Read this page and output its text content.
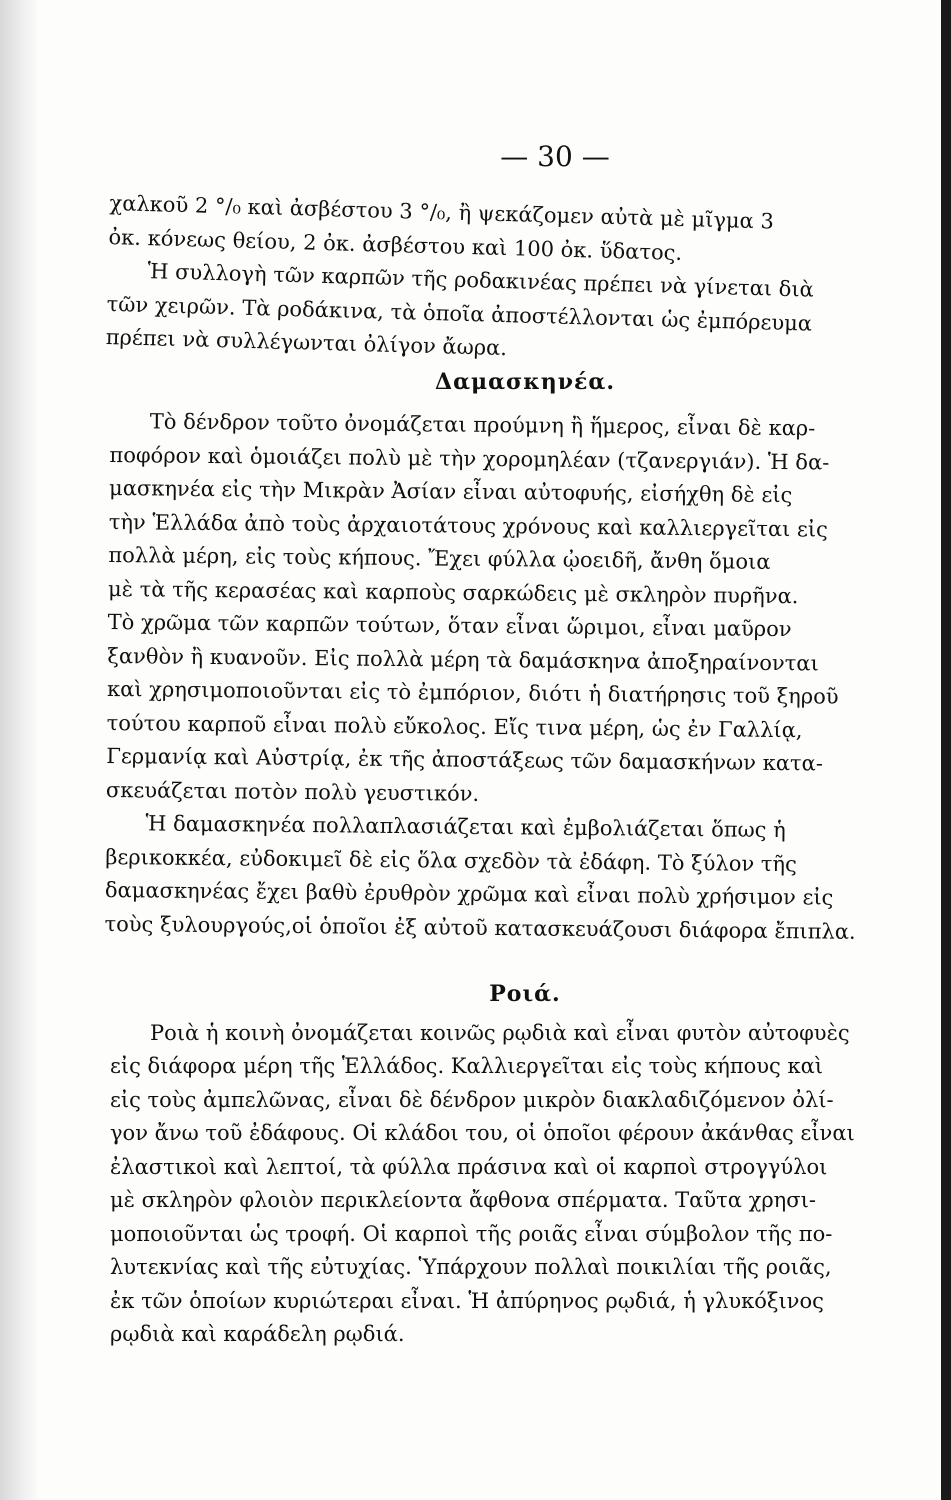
— 30 —
χαλκοῦ 2 °/₀ καὶ ἀσβέστου 3 °/₀, ἢ ψεκάζομεν αὐτὰ μὲ μῖγμα 3
ὀκ. κόνεως θείου, 2 ὀκ. ἀσβέστου καὶ 100 ὀκ. ὕδατος.
Ἡ συλλογὴ τῶν καρπῶν τῆς ροδακινέας πρέπει νὰ γίνεται διὰ
τῶν χειρῶν. Τὰ ροδάκινα, τὰ ὁποῖα ἀποστέλλονται ὡς ἐμπόρευμα
πρέπει νὰ συλλέγωνται ὀλίγον ἄωρα.
Δαμασκηνέα.
Τὸ δένδρον τοῦτο ὀνομάζεται προύμνη ἢ ἥμερος, εἶναι δὲ καρ-
ποφόρον καὶ ὁμοιάζει πολὺ μὲ τὴν χορομηλέαν (τζανεργιάν). Ἡ δα-
μασκηνέα εἰς τὴν Μικρὰν Ἀσίαν εἶναι αὐτοφυής, εἰσήχθη δὲ εἰς
τὴν Ἑλλάδα ἀπὸ τοὺς ἀρχαιοτάτους χρόνους καὶ καλλιεργεῖται εἰς
πολλὰ μέρη, εἰς τοὺς κήπους. Ἔχει φύλλα ᾠοειδῆ, ἄνθη ὅμοια
μὲ τὰ τῆς κερασέας καὶ καρποὺς σαρκώδεις μὲ σκληρὸν πυρῆνα.
Τὸ χρῶμα τῶν καρπῶν τούτων, ὅταν εἶναι ὥριμοι, εἶναι μαῦρον
ξανθὸν ἢ κυανοῦν. Εἰς πολλὰ μέρη τὰ δαμάσκηνα ἀποξηραίνονται
καὶ χρησιμοποιοῦνται εἰς τὸ ἐμπόριον, διότι ἡ διατήρησις τοῦ ξηροῦ
τούτου καρποῦ εἶναι πολὺ εὔκολος. Εἴς τινα μέρη, ὡς ἐν Γαλλίᾳ,
Γερμανίᾳ καὶ Αὐστρίᾳ, ἐκ τῆς ἀποστάξεως τῶν δαμασκήνων κατα-
σκευάζεται ποτὸν πολὺ γευστικόν.
Ἡ δαμασκηνέα πολλαπλασιάζεται καὶ ἐμβολιάζεται ὅπως ἡ
βερικοκκέα, εὐδοκιμεῖ δὲ εἰς ὅλα σχεδὸν τὰ ἐδάφη. Τὸ ξύλον τῆς
δαμασκηνέας ἔχει βαθὺ ἐρυθρὸν χρῶμα καὶ εἶναι πολὺ χρήσιμον εἰς
τοὺς ξυλουργούς,οἱ ὁποῖοι ἐξ αὐτοῦ κατασκευάζουσι διάφορα ἔπιπλα.
Ροιά.
Ροιὰ ἡ κοινὴ ὀνομάζεται κοινῶς ρῳδιὰ καὶ εἶναι φυτὸν αὐτοφυὲς
εἰς διάφορα μέρη τῆς Ἑλλάδος. Καλλιεργεῖται εἰς τοὺς κήπους καὶ
εἰς τοὺς ἀμπελῶνας, εἶναι δὲ δένδρον μικρὸν διακλαδιζόμενον ὀλί-
γον ἄνω τοῦ ἐδάφους. Οἱ κλάδοι του, οἱ ὁποῖοι φέρουν ἀκάνθας εἶναι
ἐλαστικοὶ καὶ λεπτοί, τὰ φύλλα πράσινα καὶ οἱ καρποὶ στρογγύλοι
μὲ σκληρὸν φλοιὸν περικλείοντα ἄφθονα σπέρματα. Ταῦτα χρησι-
μοποιοῦνται ὡς τροφή. Οἱ καρποὶ τῆς ροιᾶς εἶναι σύμβολον τῆς πο-
λυτεκνίας καὶ τῆς εὐτυχίας. Ὑπάρχουν πολλαὶ ποικιλίαι τῆς ροιᾶς,
ἐκ τῶν ὁποίων κυριώτεραι εἶναι. Ἡ ἀπύρηνος ρῳδιά, ἡ γλυκόξινος
ρῳδιὰ καὶ καράδελη ρῳδιά.
